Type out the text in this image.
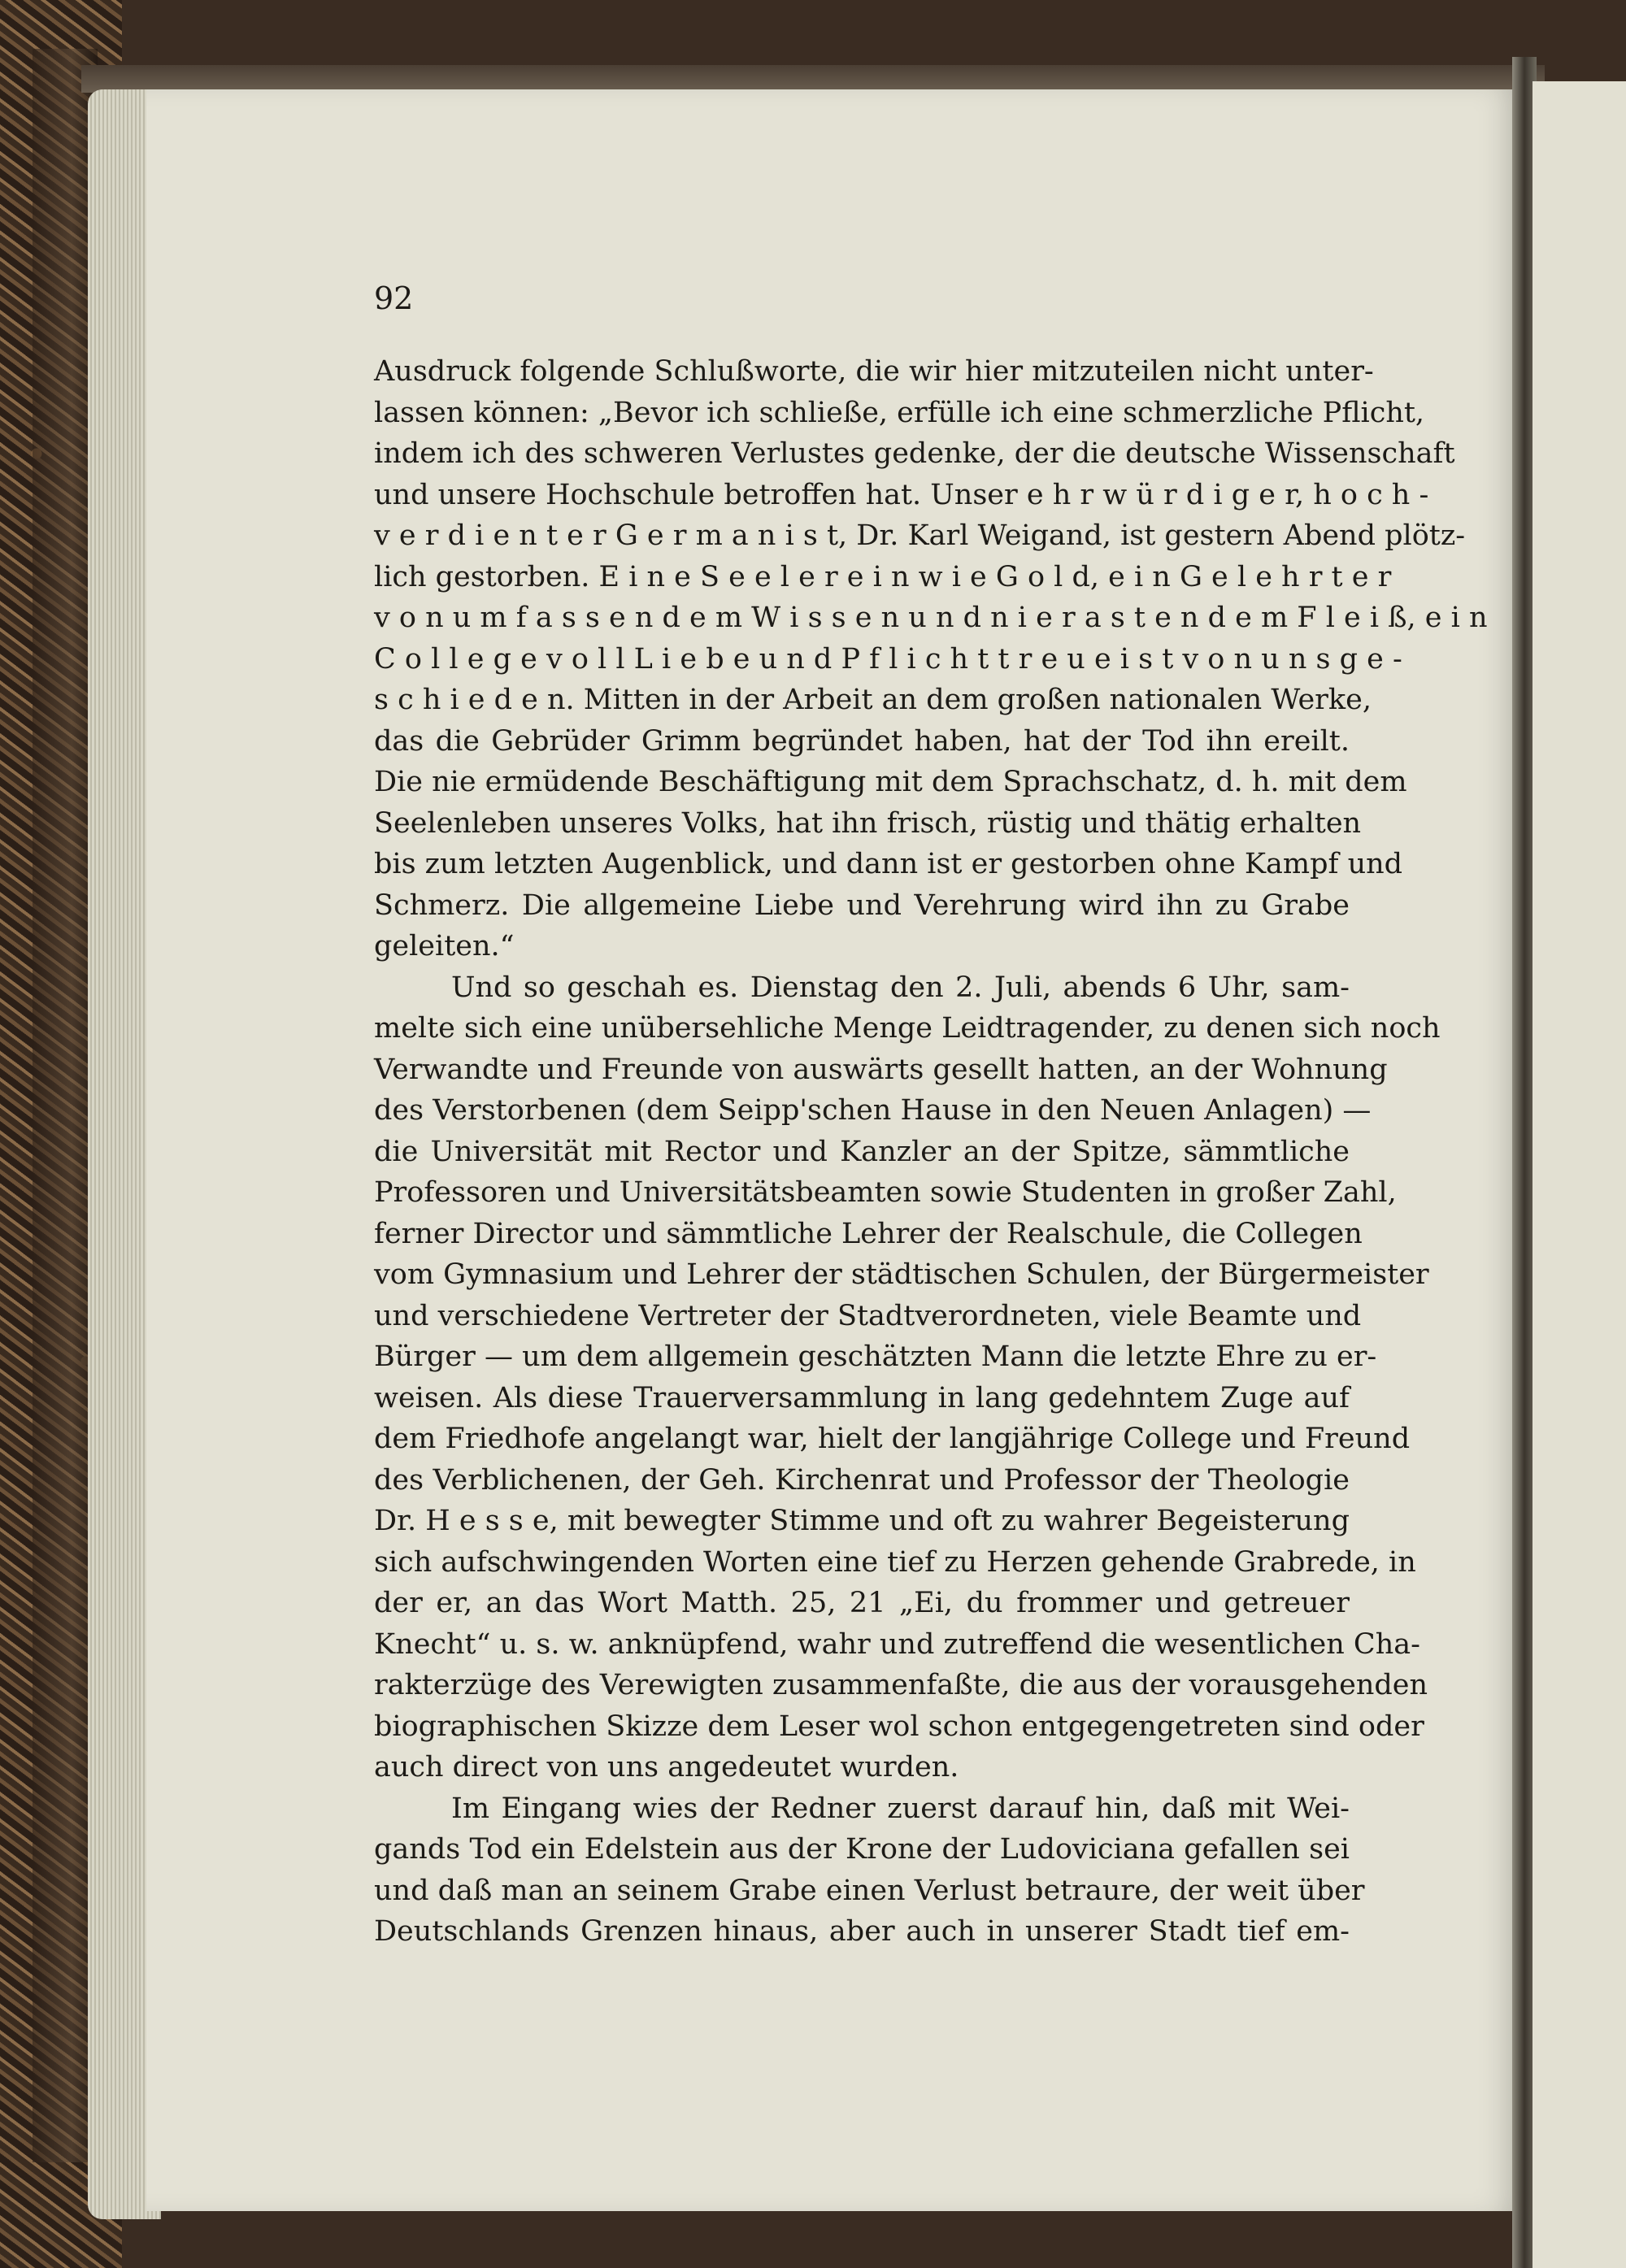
92
Ausdruck folgende Schlußworte, die wir hier mitzuteilen nicht unter-
lassen können: „Bevor ich schließe, erfülle ich eine schmerzliche Pflicht,
indem ich des schweren Verlustes gedenke, der die deutsche Wissenschaft
und unsere Hochschule betroffen hat. Unser e h r w ü r d i g e r, h o c h -
v e r d i e n t e r G e r m a n i s t, Dr. Karl Weigand, ist gestern Abend plötz-
lich gestorben. E i n e S e e l e r e i n w i e G o l d, e i n G e l e h r t e r
v o n u m f a s s e n d e m W i s s e n u n d n i e r a s t e n d e m F l e i ß, e i n
C o l l e g e v o l l L i e b e u n d P f l i c h t t r e u e i s t v o n u n s g e -
s c h i e d e n. Mitten in der Arbeit an dem großen nationalen Werke,
das die Gebrüder Grimm begründet haben, hat der Tod ihn ereilt.
Die nie ermüdende Beschäftigung mit dem Sprachschatz, d. h. mit dem
Seelenleben unseres Volks, hat ihn frisch, rüstig und thätig erhalten
bis zum letzten Augenblick, und dann ist er gestorben ohne Kampf und
Schmerz. Die allgemeine Liebe und Verehrung wird ihn zu Grabe
geleiten.“
Und so geschah es. Dienstag den 2. Juli, abends 6 Uhr, sam-
melte sich eine unübersehliche Menge Leidtragender, zu denen sich noch
Verwandte und Freunde von auswärts gesellt hatten, an der Wohnung
des Verstorbenen (dem Seipp'schen Hause in den Neuen Anlagen) —
die Universität mit Rector und Kanzler an der Spitze, sämmtliche
Professoren und Universitätsbeamten sowie Studenten in großer Zahl,
ferner Director und sämmtliche Lehrer der Realschule, die Collegen
vom Gymnasium und Lehrer der städtischen Schulen, der Bürgermeister
und verschiedene Vertreter der Stadtverordneten, viele Beamte und
Bürger — um dem allgemein geschätzten Mann die letzte Ehre zu er-
weisen. Als diese Trauerversammlung in lang gedehntem Zuge auf
dem Friedhofe angelangt war, hielt der langjährige College und Freund
des Verblichenen, der Geh. Kirchenrat und Professor der Theologie
Dr. H e s s e, mit bewegter Stimme und oft zu wahrer Begeisterung
sich aufschwingenden Worten eine tief zu Herzen gehende Grabrede, in
der er, an das Wort Matth. 25, 21 „Ei, du frommer und getreuer
Knecht“ u. s. w. anknüpfend, wahr und zutreffend die wesentlichen Cha-
rakterzüge des Verewigten zusammenfaßte, die aus der vorausgehenden
biographischen Skizze dem Leser wol schon entgegengetreten sind oder
auch direct von uns angedeutet wurden.
Im Eingang wies der Redner zuerst darauf hin, daß mit Wei-
gands Tod ein Edelstein aus der Krone der Ludoviciana gefallen sei
und daß man an seinem Grabe einen Verlust betraure, der weit über
Deutschlands Grenzen hinaus, aber auch in unserer Stadt tief em-
